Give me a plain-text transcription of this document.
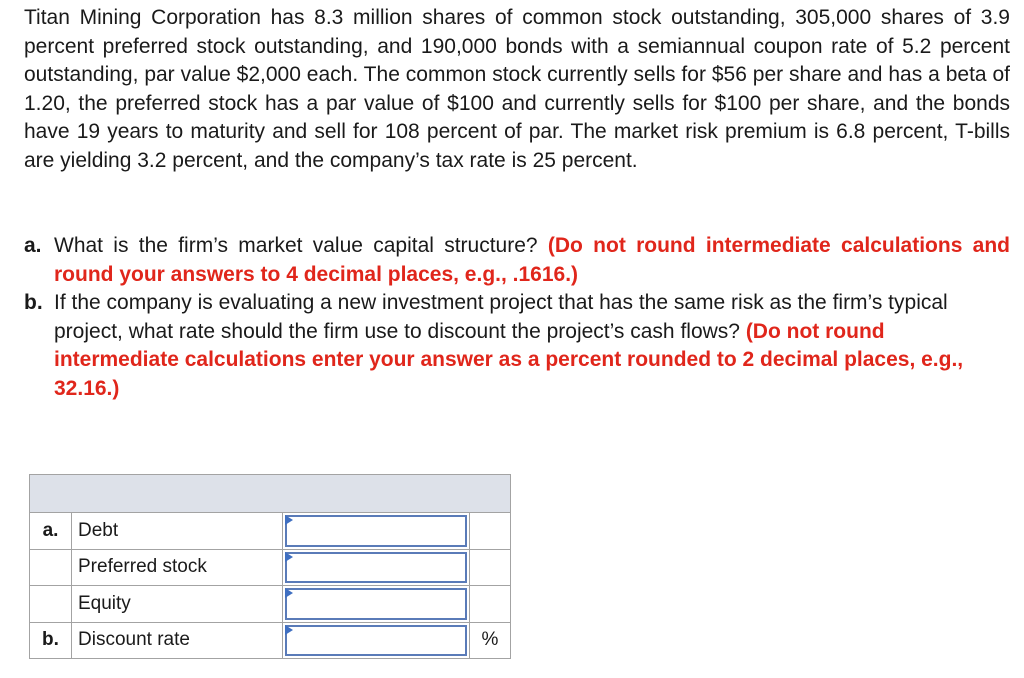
Titan Mining Corporation has 8.3 million shares of common stock outstanding, 305,000 shares of 3.9 percent preferred stock outstanding, and 190,000 bonds with a semiannual coupon rate of 5.2 percent outstanding, par value $2,000 each. The common stock currently sells for $56 per share and has a beta of 1.20, the preferred stock has a par value of $100 and currently sells for $100 per share, and the bonds have 19 years to maturity and sell for 108 percent of par. The market risk premium is 6.8 percent, T-bills are yielding 3.2 percent, and the company’s tax rate is 25 percent.

a. What is the firm’s market value capital structure? (Do not round intermediate calculations and round your answers to 4 decimal places, e.g., .1616.)
b. If the company is evaluating a new investment project that has the same risk as the firm’s typical project, what rate should the firm use to discount the project’s cash flows? (Do not round intermediate calculations enter your answer as a percent rounded to 2 decimal places, e.g., 32.16.)

a.	Debt	

	Preferred stock	

	Equity	

b.	Discount rate		%
